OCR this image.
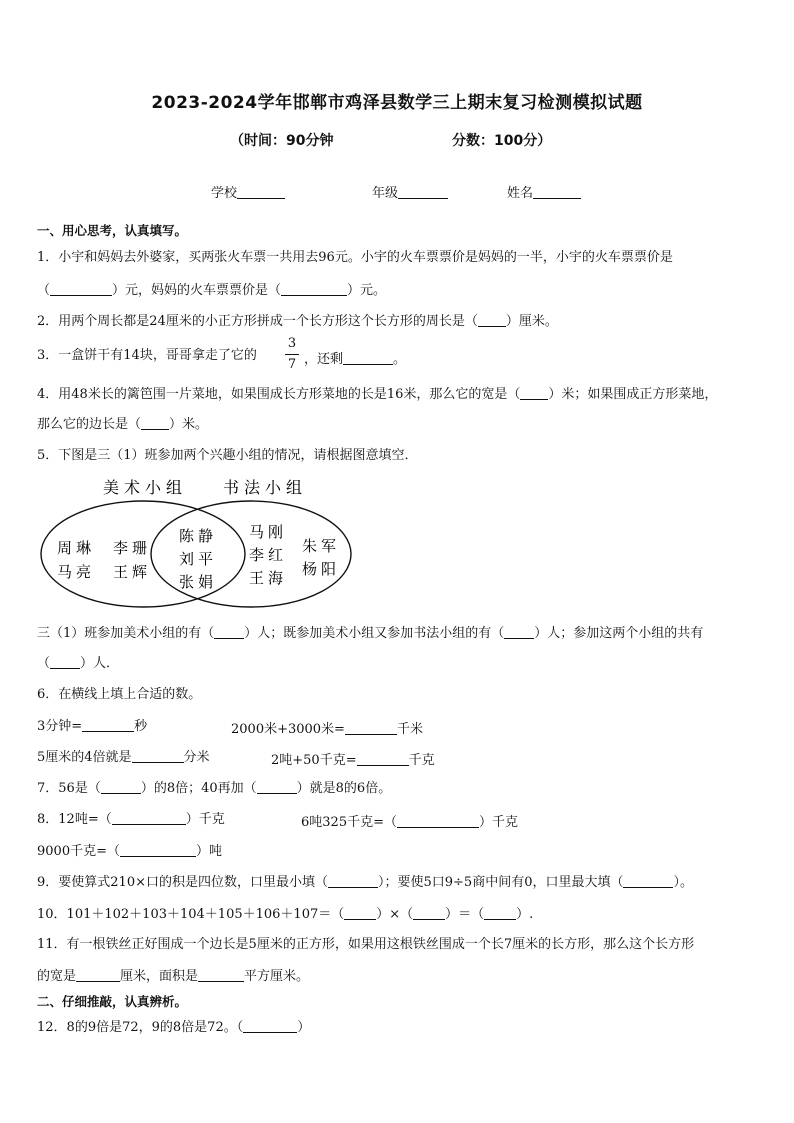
2023-2024学年邯郸市鸡泽县数学三上期末复习检测模拟试题
（时间：90分钟	分数：100分）
学校	年级	姓名
一、用心思考，认真填写。
1．小宇和妈妈去外婆家，买两张火车票一共用去96元。小宇的火车票票价是妈妈的一半，小宇的火车票票价是
（	）元，妈妈的火车票票价是（	）元。
2．用两个周长都是24厘米的小正方形拼成一个长方形这个长方形的周长是（ ）厘米。
3．一盒饼干有14块，哥哥拿走了它的
3
7 ，还剩	。
4．用48米长的篱笆围一片菜地，如果围成长方形菜地的长是16米，那么它的宽是（ ）米；如果围成正方形菜地，
那么它的边长是（ ）米。
5．下图是三（1）班参加两个兴趣小组的情况，请根据图意填空．
美术小组 书法小组
周琳 李珊
马亮 王辉
陈静
刘平
张娟
马刚
朱军
李红
杨阳
王海
三（1）班参加美术小组的有（ ）人；既参加美术小组又参加书法小组的有（ ）人；参加这两个小组的共有
（ ）人．
6．在横线上填上合适的数。
3分钟=	秒	2000米+3000米=	千米
5厘米的4倍就是	分米	2吨+50千克=	千克
7．56是（	）的8倍；40再加（	）就是8的6倍。
8．12吨=（	）千克	6吨325千克=（	）千克
9000千克=（	）吨
9．要使算式210×口的积是四位数，口里最小填（	）；要使5口9÷5商中间有0，口里最大填（	）。
10．101＋102＋103＋104＋105＋106＋107＝（ ）×（ ）＝（ ）.
11．有一根铁丝正好围成一个边长是5厘米的正方形，如果用这根铁丝围成一个长7厘米的长方形，那么这个长方形
的宽是	厘米，面积是	平方厘米。
二、仔细推敲，认真辨析。
12．8的9倍是72，9的8倍是72。（	）
